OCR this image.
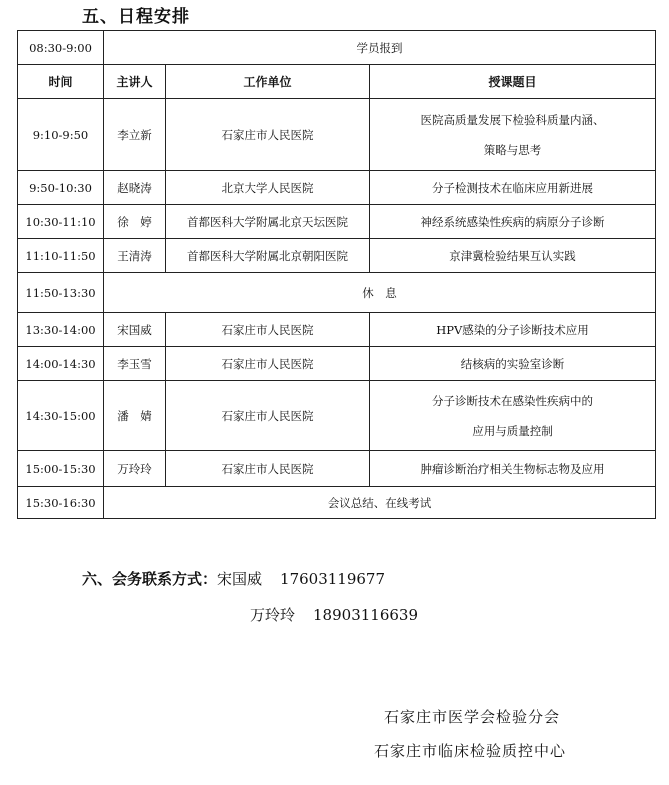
五、日程安排
08:30-9:00	学员报到		
时间	主讲人	工作单位	授课题目
9:10-9:50	李立新	石家庄市人民医院	医院高质量发展下检验科质量内涵、
策略与思考

9:50-10:30	赵晓涛	北京大学人民医院	分子检测技术在临床应用新进展
10:30-11:10	徐　婷	首都医科大学附属北京天坛医院	神经系统感染性疾病的病原分子诊断
11:10-11:50	王清涛	首都医科大学附属北京朝阳医院	京津冀检验结果互认实践
11:50-13:30	休　息		
13:30-14:00	宋国威	石家庄市人民医院	HPV感染的分子诊断技术应用
14:00-14:30	李玉雪	石家庄市人民医院	结核病的实验室诊断
14:30-15:00	潘　婧	石家庄市人民医院	分子诊断技术在感染性疾病中的
应用与质量控制

15:00-15:30	万玲玲	石家庄市人民医院	肿瘤诊断治疗相关生物标志物及应用
15:30-16:30	会议总结、在线考试		
六、会务联系方式：宋国威 17603119677
万玲玲 18903116639
石家庄市医学会检验分会
石家庄市临床检验质控中心
